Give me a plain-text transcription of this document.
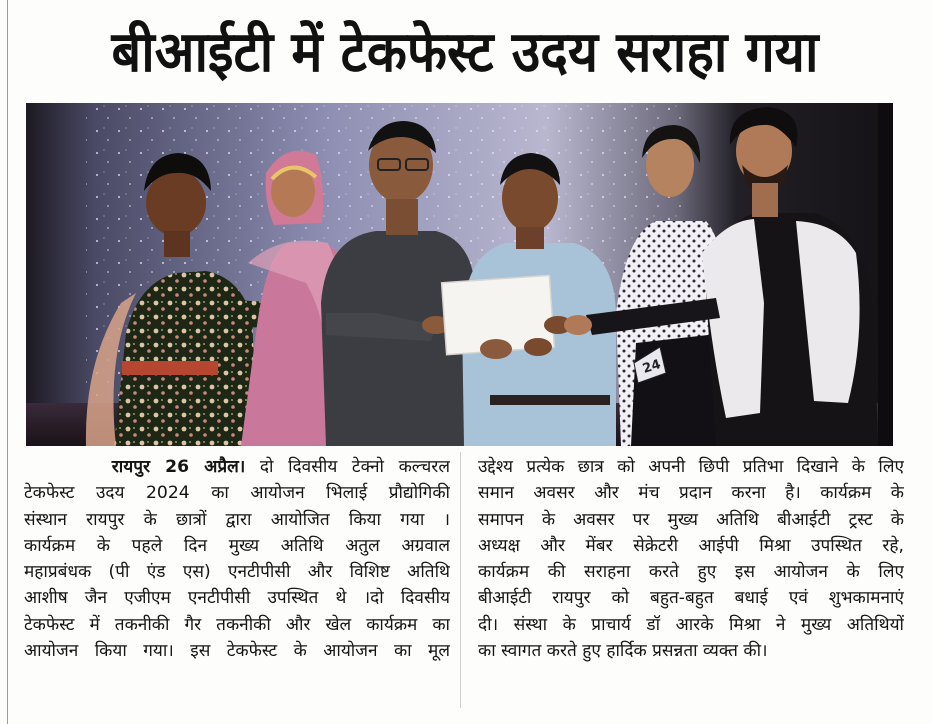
बीआईटी में टेकफेस्ट उदय सराहा गया
24
रायपुर 26 अप्रैल। दो दिवसीय टेक्नो कल्चरल
टेकफेस्ट उदय 2024 का आयोजन भिलाई प्रौद्योगिकी
संस्थान रायपुर के छात्रों द्वारा आयोजित किया गया ।
कार्यक्रम के पहले दिन मुख्य अतिथि अतुल अग्रवाल
महाप्रबंधक (पी एंड एस) एनटीपीसी और विशिष्ट अतिथि
आशीष जैन एजीएम एनटीपीसी उपस्थित थे ।दो दिवसीय
टेकफेस्ट में तकनीकी गैर तकनीकी और खेल कार्यक्रम का
आयोजन किया गया। इस टेकफेस्ट के आयोजन का मूल
उद्देश्य प्रत्येक छात्र को अपनी छिपी प्रतिभा दिखाने के लिए
समान अवसर और मंच प्रदान करना है। कार्यक्रम के
समापन के अवसर पर मुख्य अतिथि बीआईटी ट्रस्ट के
अध्यक्ष और मेंबर सेक्रेटरी आईपी मिश्रा उपस्थित रहे,
कार्यक्रम की सराहना करते हुए इस आयोजन के लिए
बीआईटी रायपुर को बहुत-बहुत बधाई एवं शुभकामनाएं
दी। संस्था के प्राचार्य डॉ आरके मिश्रा ने मुख्य अतिथियों
का स्वागत करते हुए हार्दिक प्रसन्नता व्यक्त की।
